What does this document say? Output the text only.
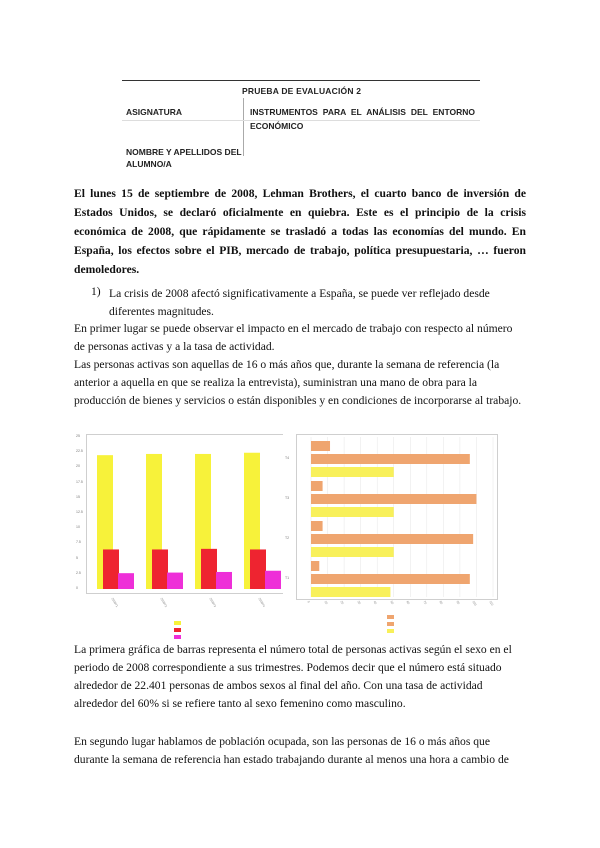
PRUEBA DE EVALUACIÓN 2
ASIGNATURA	INSTRUMENTOS PARA EL ANÁLISIS DEL ENTORNO ECONÓMICO
NOMBRE Y APELLIDOS DEL ALUMNO/A
El lunes 15 de septiembre de 2008, Lehman Brothers, el cuarto banco de inversión de Estados Unidos, se declaró oficialmente en quiebra. Este es el principio de la crisis económica de 2008, que rápidamente se trasladó a todas las economías del mundo. En España, los efectos sobre el PIB, mercado de trabajo, política presupuestaria, … fueron demoledores.
1) La crisis de 2008 afectó significativamente a España, se puede ver reflejado desde diferentes magnitudes.
En primer lugar se puede observar el impacto en el mercado de trabajo con respecto al número de personas activas y a la tasa de actividad.
Las personas activas son aquellas de 16 o más años que, durante la semana de referencia (la anterior a aquella en que se realiza la entrevista), suministran una mano de obra para la producción de bienes y servicios o están disponibles y en condiciones de incorporarse al trabajo.
0
2.5
5
7.5
10
12.5
15
17.5
20
22.5
25
2008T1	2008T2	2008T3	2008T4
T4
T3
T2
T1
0	10	20	30	40	50	60	70	80	90	100	110
La primera gráfica de barras representa el número total de personas activas según el sexo en el periodo de 2008 correspondiente a sus trimestres. Podemos decir que el número está situado alrededor de 22.401 personas de ambos sexos al final del año. Con una tasa de actividad alrededor del 60% si se refiere tanto al sexo femenino como masculino.
En segundo lugar hablamos de población ocupada, son las personas de 16 o más años que durante la semana de referencia han estado trabajando durante al menos una hora a cambio de
